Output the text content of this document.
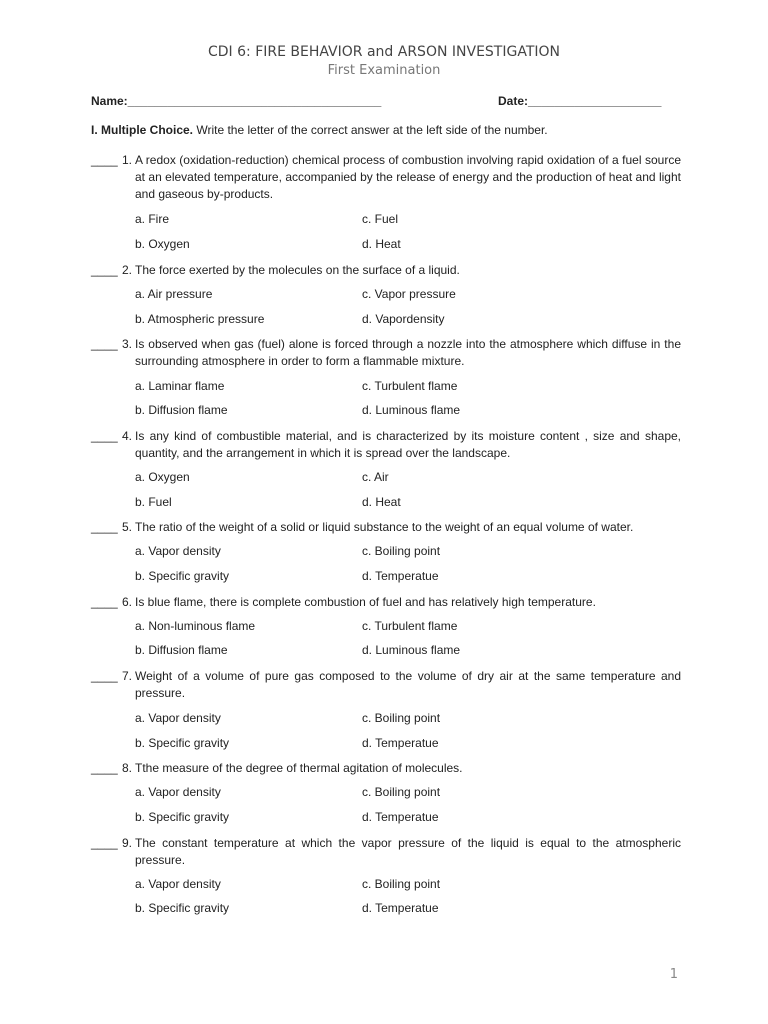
CDI 6: FIRE BEHAVIOR and ARSON INVESTIGATION
First Examination
Name:______________________________________	Date:____________________
I. Multiple Choice. Write the letter of the correct answer at the left side of the number.
____ 1. A redox (oxidation-reduction) chemical process of combustion involving rapid oxidation of a fuel source at an elevated temperature, accompanied by the release of energy and the production of heat and light and gaseous by-products.
a. Fire	c. Fuel
b. Oxygen	d. Heat
____ 2. The force exerted by the molecules on the surface of a liquid.
a. Air pressure	c. Vapor pressure
b. Atmospheric pressure	d. Vapordensity
____ 3. Is observed when gas (fuel) alone is forced through a nozzle into the atmosphere which diffuse in the surrounding atmosphere in order to form a flammable mixture.
a. Laminar flame	c. Turbulent flame
b. Diffusion flame	d. Luminous flame
____ 4. Is any kind of combustible material, and is characterized by its moisture content , size and shape, quantity, and the arrangement in which it is spread over the landscape.
a. Oxygen	c. Air
b. Fuel	d. Heat
____ 5. The ratio of the weight of a solid or liquid substance to the weight of an equal volume of water.
a. Vapor density	c. Boiling point
b. Specific gravity	d. Temperatue
____ 6. Is blue flame, there is complete combustion of fuel and has relatively high temperature.
a. Non-luminous flame	c. Turbulent flame
b. Diffusion flame	d. Luminous flame
____ 7. Weight of a volume of pure gas composed to the volume of dry air at the same temperature and pressure.
a. Vapor density	c. Boiling point
b. Specific gravity	d. Temperatue
____ 8. Tthe measure of the degree of thermal agitation of molecules.
a. Vapor density	c. Boiling point
b. Specific gravity	d. Temperatue
____ 9. The constant temperature at which the vapor pressure of the liquid is equal to the atmospheric pressure.
a. Vapor density	c. Boiling point
b. Specific gravity	d. Temperatue
1
